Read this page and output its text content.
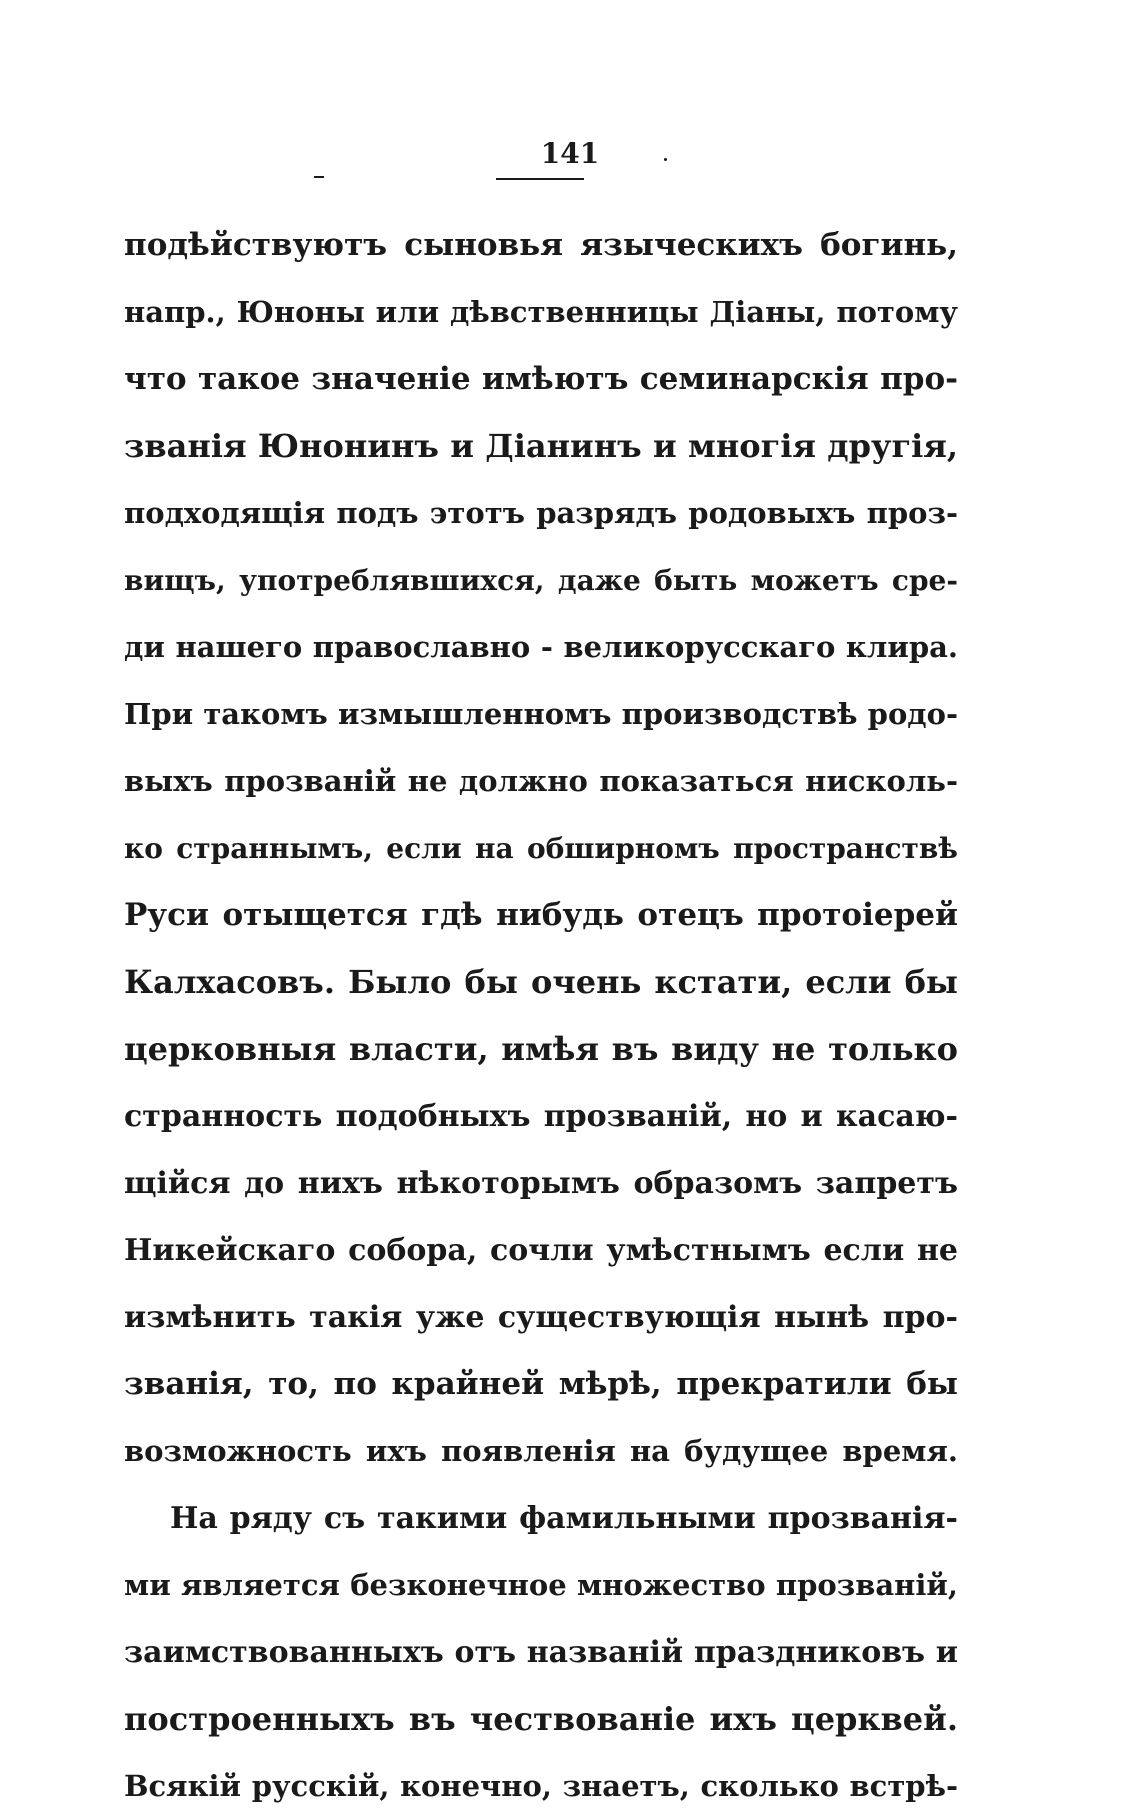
141
подѣйствуютъ сыновья языческихъ богинь,
напр., Юноны или дѣвственницы Діаны, потому
что такое значеніе имѣютъ семинарскія про-
званія Юнонинъ и Діанинъ и многія другія,
подходящія подъ этотъ разрядъ родовыхъ проз-
вищъ, употреблявшихся, даже быть можетъ сре-
ди нашего православно - великорусскаго клира.
При такомъ измышленномъ производствѣ родо-
выхъ прозваній не должно показаться нисколь-
ко страннымъ, если на обширномъ пространствѣ
Руси отыщется гдѣ нибудь отецъ протоіерей
Калхасовъ. Было бы очень кстати, если бы
церковныя власти, имѣя въ виду не только
странность подобныхъ прозваній, но и касаю-
щійся до нихъ нѣкоторымъ образомъ запретъ
Никейскаго собора, сочли умѣстнымъ если не
измѣнить такія уже существующія нынѣ про-
званія, то, по крайней мѣрѣ, прекратили бы
возможность ихъ появленія на будущее время.
На ряду съ такими фамильными прозванія-
ми является безконечное множество прозваній,
заимствованныхъ отъ названій праздниковъ и
построенныхъ въ чествованіе ихъ церквей.
Всякій русскій, конечно, знаетъ, сколько встрѣ-
